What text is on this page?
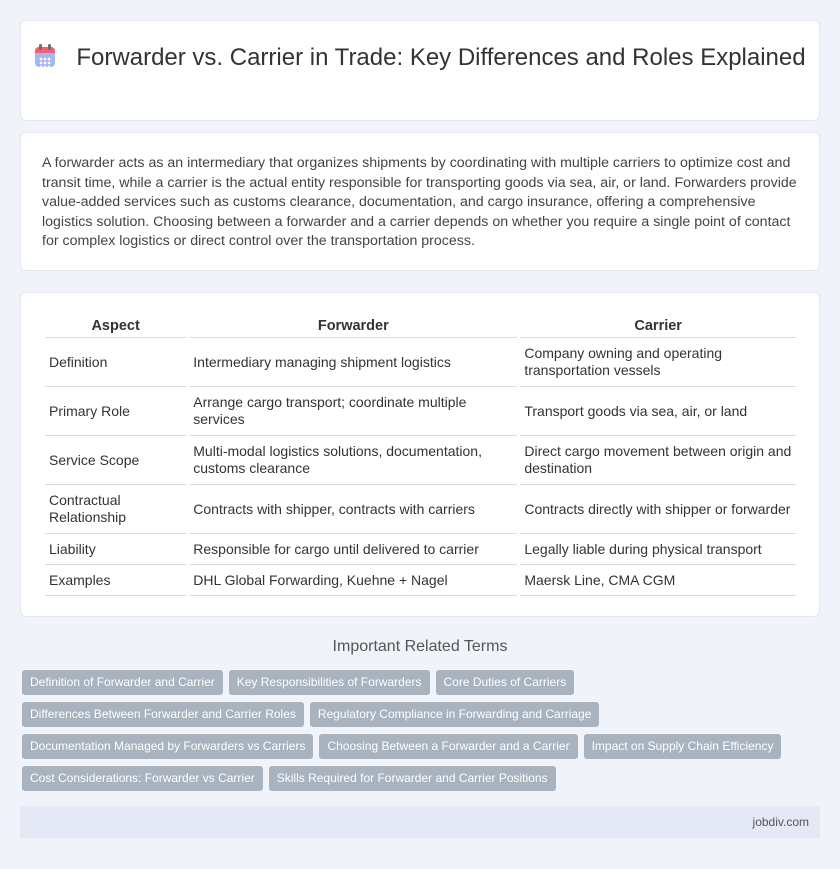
Forwarder vs. Carrier in Trade: Key Differences and Roles Explained

A forwarder acts as an intermediary that organizes shipments by coordinating with multiple carriers to optimize cost and transit time, while a carrier is the actual entity responsible for transporting goods via sea, air, or land. Forwarders provide value-added services such as customs clearance, documentation, and cargo insurance, offering a comprehensive logistics solution. Choosing between a forwarder and a carrier depends on whether you require a single point of contact for complex logistics or direct control over the transportation process.

Aspect	Forwarder	Carrier
Definition	Intermediary managing shipment logistics	Company owning and operating transportation vessels
Primary Role	Arrange cargo transport; coordinate multiple services	Transport goods via sea, air, or land
Service Scope	Multi-modal logistics solutions, documentation, customs clearance	Direct cargo movement between origin and destination
Contractual Relationship	Contracts with shipper, contracts with carriers	Contracts directly with shipper or forwarder
Liability	Responsible for cargo until delivered to carrier	Legally liable during physical transport
Examples	DHL Global Forwarding, Kuehne + Nagel	Maersk Line, CMA CGM
Important Related Terms
Definition of Forwarder and Carrier Key Responsibilities of Forwarders Core Duties of Carriers
Differences Between Forwarder and Carrier Roles Regulatory Compliance in Forwarding and Carriage
Documentation Managed by Forwarders vs Carriers Choosing Between a Forwarder and a Carrier Impact on Supply Chain Efficiency
Cost Considerations: Forwarder vs Carrier Skills Required for Forwarder and Carrier Positions
jobdiv.com
